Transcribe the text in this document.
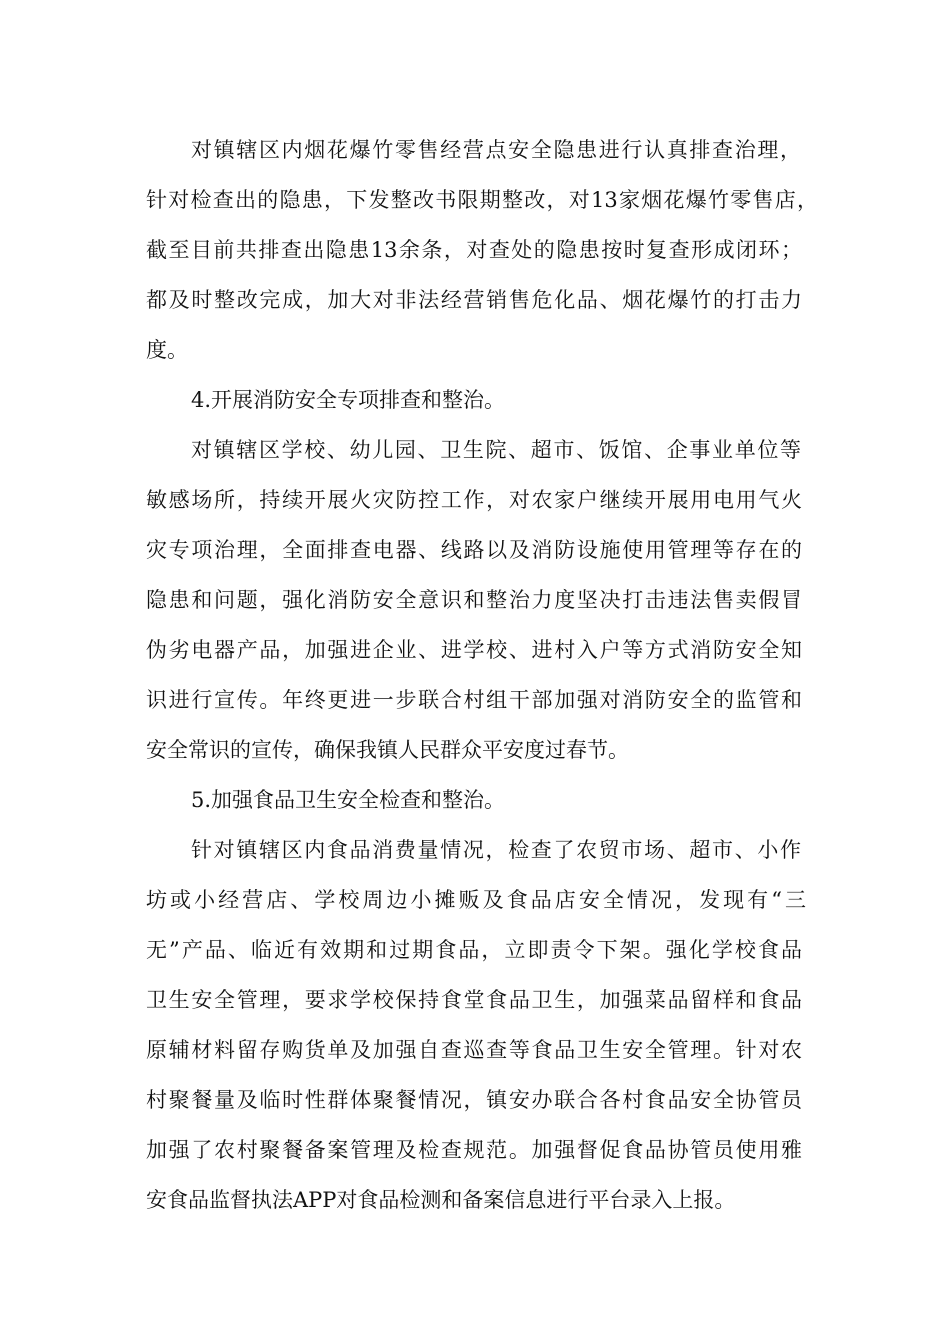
对镇辖区内烟花爆竹零售经营点安全隐患进行认真排查治理，
针对检查出的隐患，下发整改书限期整改，对13家烟花爆竹零售店，
截至目前共排查出隐患13余条，对查处的隐患按时复查形成闭环；
都及时整改完成，加大对非法经营销售危化品、烟花爆竹的打击力
度。
4.开展消防安全专项排查和整治。
对镇辖区学校、幼儿园、卫生院、超市、饭馆、企事业单位等
敏感场所，持续开展火灾防控工作，对农家户继续开展用电用气火
灾专项治理，全面排查电器、线路以及消防设施使用管理等存在的
隐患和问题，强化消防安全意识和整治力度坚决打击违法售卖假冒
伪劣电器产品，加强进企业、进学校、进村入户等方式消防安全知
识进行宣传。年终更进一步联合村组干部加强对消防安全的监管和
安全常识的宣传，确保我镇人民群众平安度过春节。
5.加强食品卫生安全检查和整治。
针对镇辖区内食品消费量情况，检查了农贸市场、超市、小作
坊或小经营店、学校周边小摊贩及食品店安全情况，发现有“三
无”产品、临近有效期和过期食品，立即责令下架。强化学校食品
卫生安全管理，要求学校保持食堂食品卫生，加强菜品留样和食品
原辅材料留存购货单及加强自查巡查等食品卫生安全管理。针对农
村聚餐量及临时性群体聚餐情况，镇安办联合各村食品安全协管员
加强了农村聚餐备案管理及检查规范。加强督促食品协管员使用雅
安食品监督执法APP对食品检测和备案信息进行平台录入上报。
